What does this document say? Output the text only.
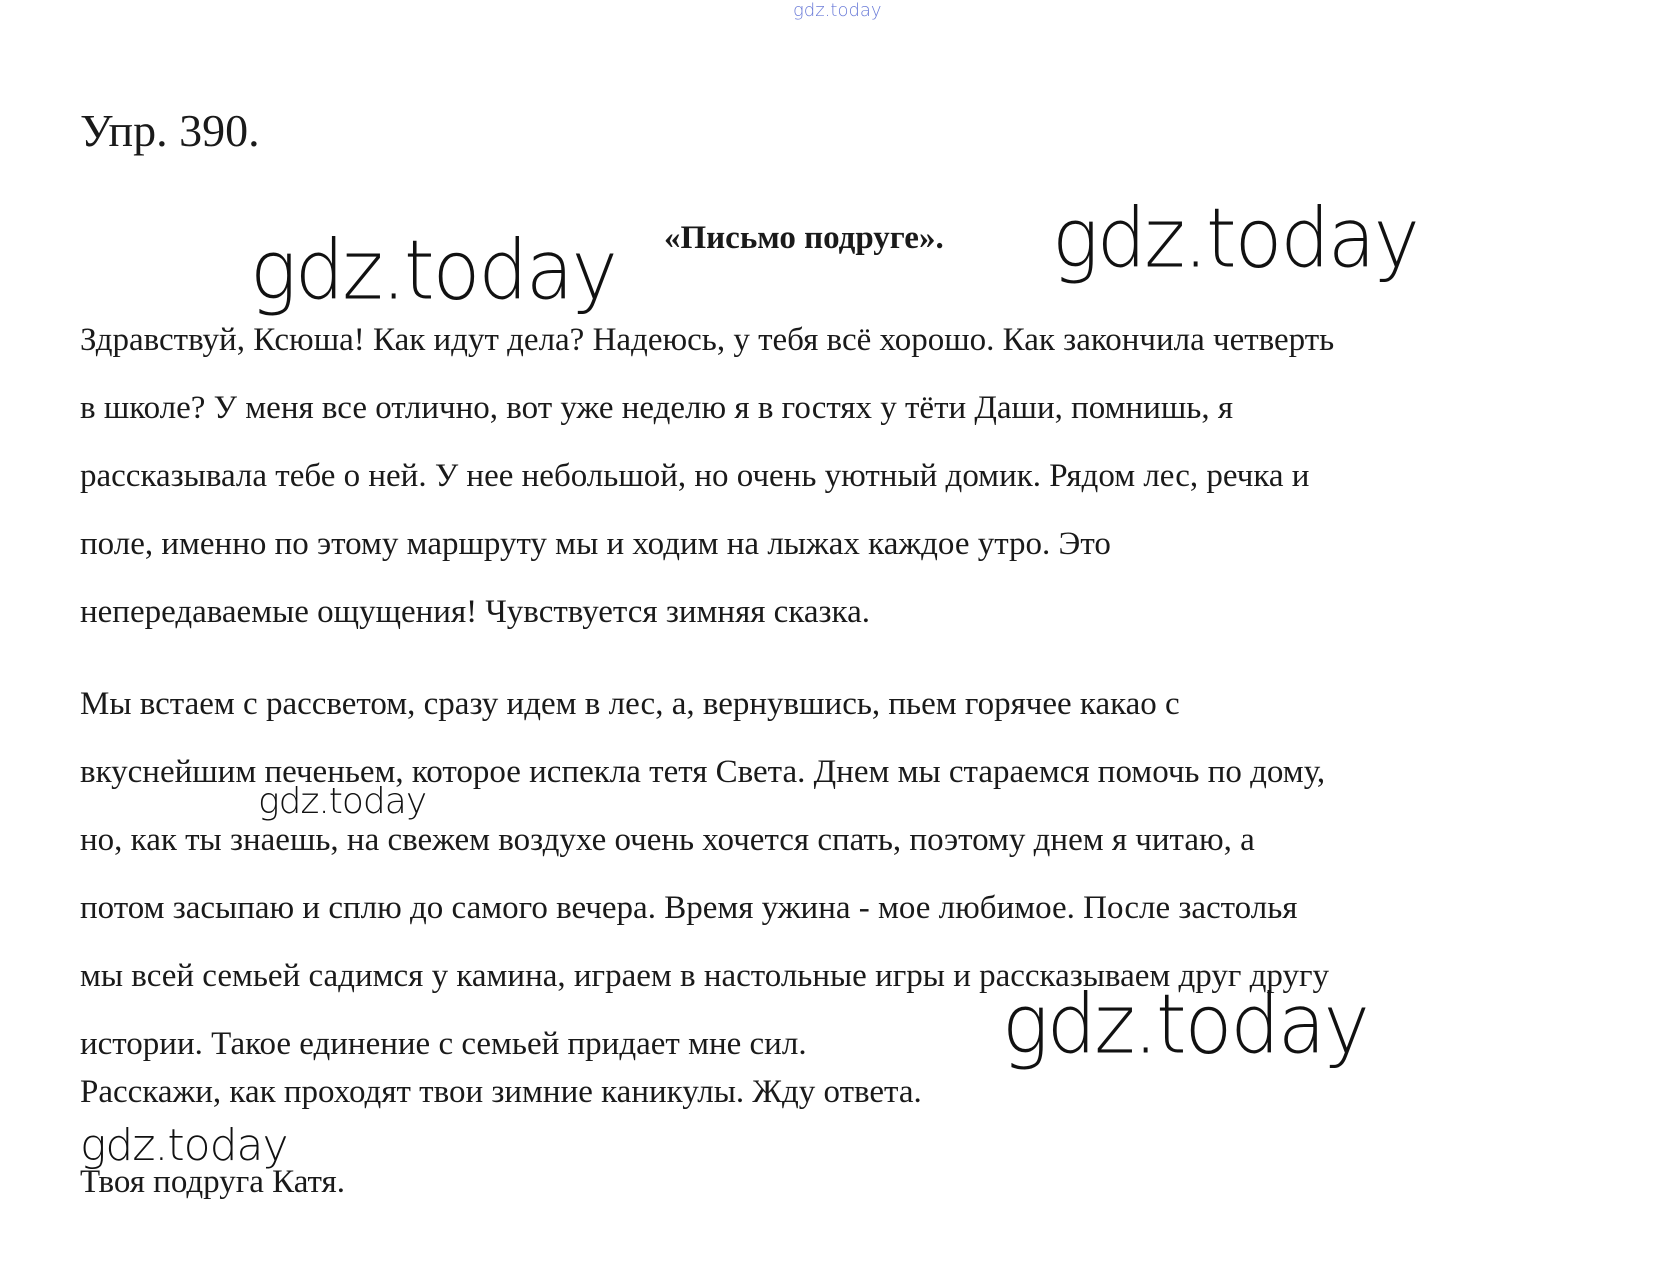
gdz.today
Упр. 390.
gdz.today «Письмо подруге». gdz.today

Здравствуй, Ксюша! Как идут дела? Надеюсь, у тебя всё хорошо. Как закончила четверть
в школе? У меня все отлично, вот уже неделю я в гостях у тёти Даши, помнишь, я
рассказывала тебе о ней. У нее небольшой, но очень уютный домик. Рядом лес, речка и
поле, именно по этому маршруту мы и ходим на лыжах каждое утро. Это
непередаваемые ощущения! Чувствуется зимняя сказка.

Мы встаем с рассветом, сразу идем в лес, а, вернувшись, пьем горячее какао с
вкуснейшим печеньем, которое испекла тетя Света. Днем мы стараемся помочь по дому,
но, как ты знаешь, на свежем воздухе очень хочется спать, поэтому днем я читаю, а
потом засыпаю и сплю до самого вечера. Время ужина - мое любимое. После застолья
мы всей семьей садимся у камина, играем в настольные игры и рассказываем друг другу
истории. Такое единение с семьей придает мне сил.

gdz.today
gdz.today

Расскажи, как проходят твои зимние каникулы. Жду ответа.

gdz.today

Твоя подруга Катя.
